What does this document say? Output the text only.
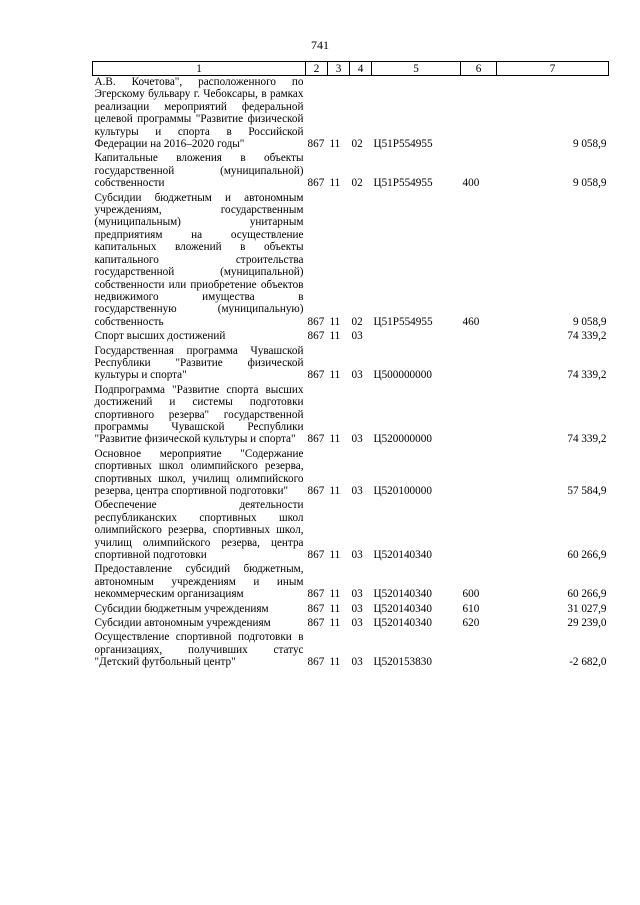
741
1	2	3	4	5	6	7
А.В. Кочетова", расположенного по Эгерскому бульвару г. Чебоксары, в рамках реализации мероприятий федеральной целевой программы "Развитие физической культуры и спорта в Российской Федерации на 2016–2020 годы"	867	11	02	Ц51Р554955		9 058,9
Капитальные вложения в объекты государственной (муниципальной) собственности	867	11	02	Ц51Р554955	400	9 058,9
Субсидии бюджетным и автономным учреждениям, государственным (муниципальным) унитарным предприятиям на осуществление капитальных вложений в объекты капитального строительства государственной (муниципальной) собственности или приобретение объектов недвижимого имущества в государственную (муниципальную) собственность	867	11	02	Ц51Р554955	460	9 058,9
Спорт высших достижений	867	11	03			74 339,2
Государственная программа Чувашской Республики "Развитие физической культуры и спорта"	867	11	03	Ц500000000		74 339,2
Подпрограмма "Развитие спорта высших достижений и системы подготовки спортивного резерва" государственной программы Чувашской Республики "Развитие физической культуры и спорта"	867	11	03	Ц520000000		74 339,2
Основное мероприятие "Содержание спортивных школ олимпийского резерва, спортивных школ, училищ олимпийского резерва, центра спортивной подготовки"	867	11	03	Ц520100000		57 584,9
Обеспечение деятельности республиканских спортивных школ олимпийского резерва, спортивных школ, училищ олимпийского резерва, центра спортивной подготовки	867	11	03	Ц520140340		60 266,9
Предоставление субсидий бюджетным, автономным учреждениям и иным некоммерческим организациям	867	11	03	Ц520140340	600	60 266,9
Субсидии бюджетным учреждениям	867	11	03	Ц520140340	610	31 027,9
Субсидии автономным учреждениям	867	11	03	Ц520140340	620	29 239,0
Осуществление спортивной подготовки в организациях, получивших статус "Детский футбольный центр"	867	11	03	Ц520153830		-2 682,0
